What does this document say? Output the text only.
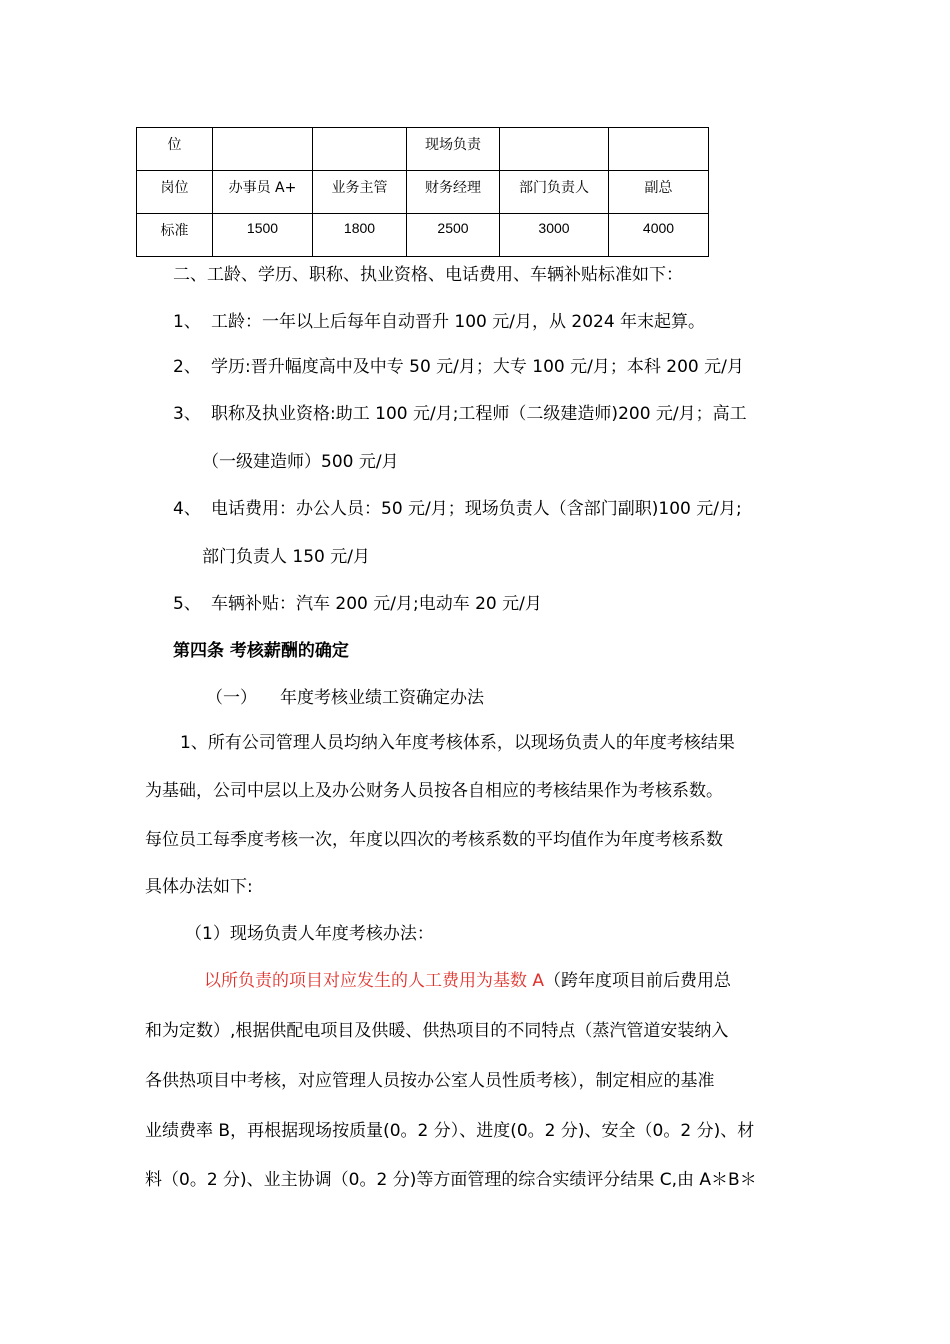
位			现场负责		
岗位	办事员 A+	业务主管	财务经理	部门负责人	副总
标准	1500	1800	2500	3000	4000
二、工龄、学历、职称、执业资格、电话费用、车辆补贴标准如下：
1、 工龄：一年以上后每年自动晋升 100 元/月，从 2024 年末起算。
2、 学历:晋升幅度高中及中专 50 元/月；大专 100 元/月；本科 200 元/月
3、 职称及执业资格:助工 100 元/月;工程师（二级建造师)200 元/月；高工
（一级建造师）500 元/月
4、 电话费用：办公人员：50 元/月；现场负责人（含部门副职)100 元/月;
部门负责人 150 元/月
5、 车辆补贴：汽车 200 元/月;电动车 20 元/月
第四条 考核薪酬的确定
（一） 年度考核业绩工资确定办法
1、所有公司管理人员均纳入年度考核体系，以现场负责人的年度考核结果
为基础，公司中层以上及办公财务人员按各自相应的考核结果作为考核系数。
每位员工每季度考核一次，年度以四次的考核系数的平均值作为年度考核系数
具体办法如下:
（1）现场负责人年度考核办法：
以所负责的项目对应发生的人工费用为基数 A（跨年度项目前后费用总
和为定数）,根据供配电项目及供暖、供热项目的不同特点（蒸汽管道安装纳入
各供热项目中考核，对应管理人员按办公室人员性质考核），制定相应的基准
业绩费率 B，再根据现场按质量(0。2 分）、进度(0。2 分)、安全（0。2 分)、材
料（0。2 分)、业主协调（0。2 分)等方面管理的综合实绩评分结果 C,由 A＊B＊
